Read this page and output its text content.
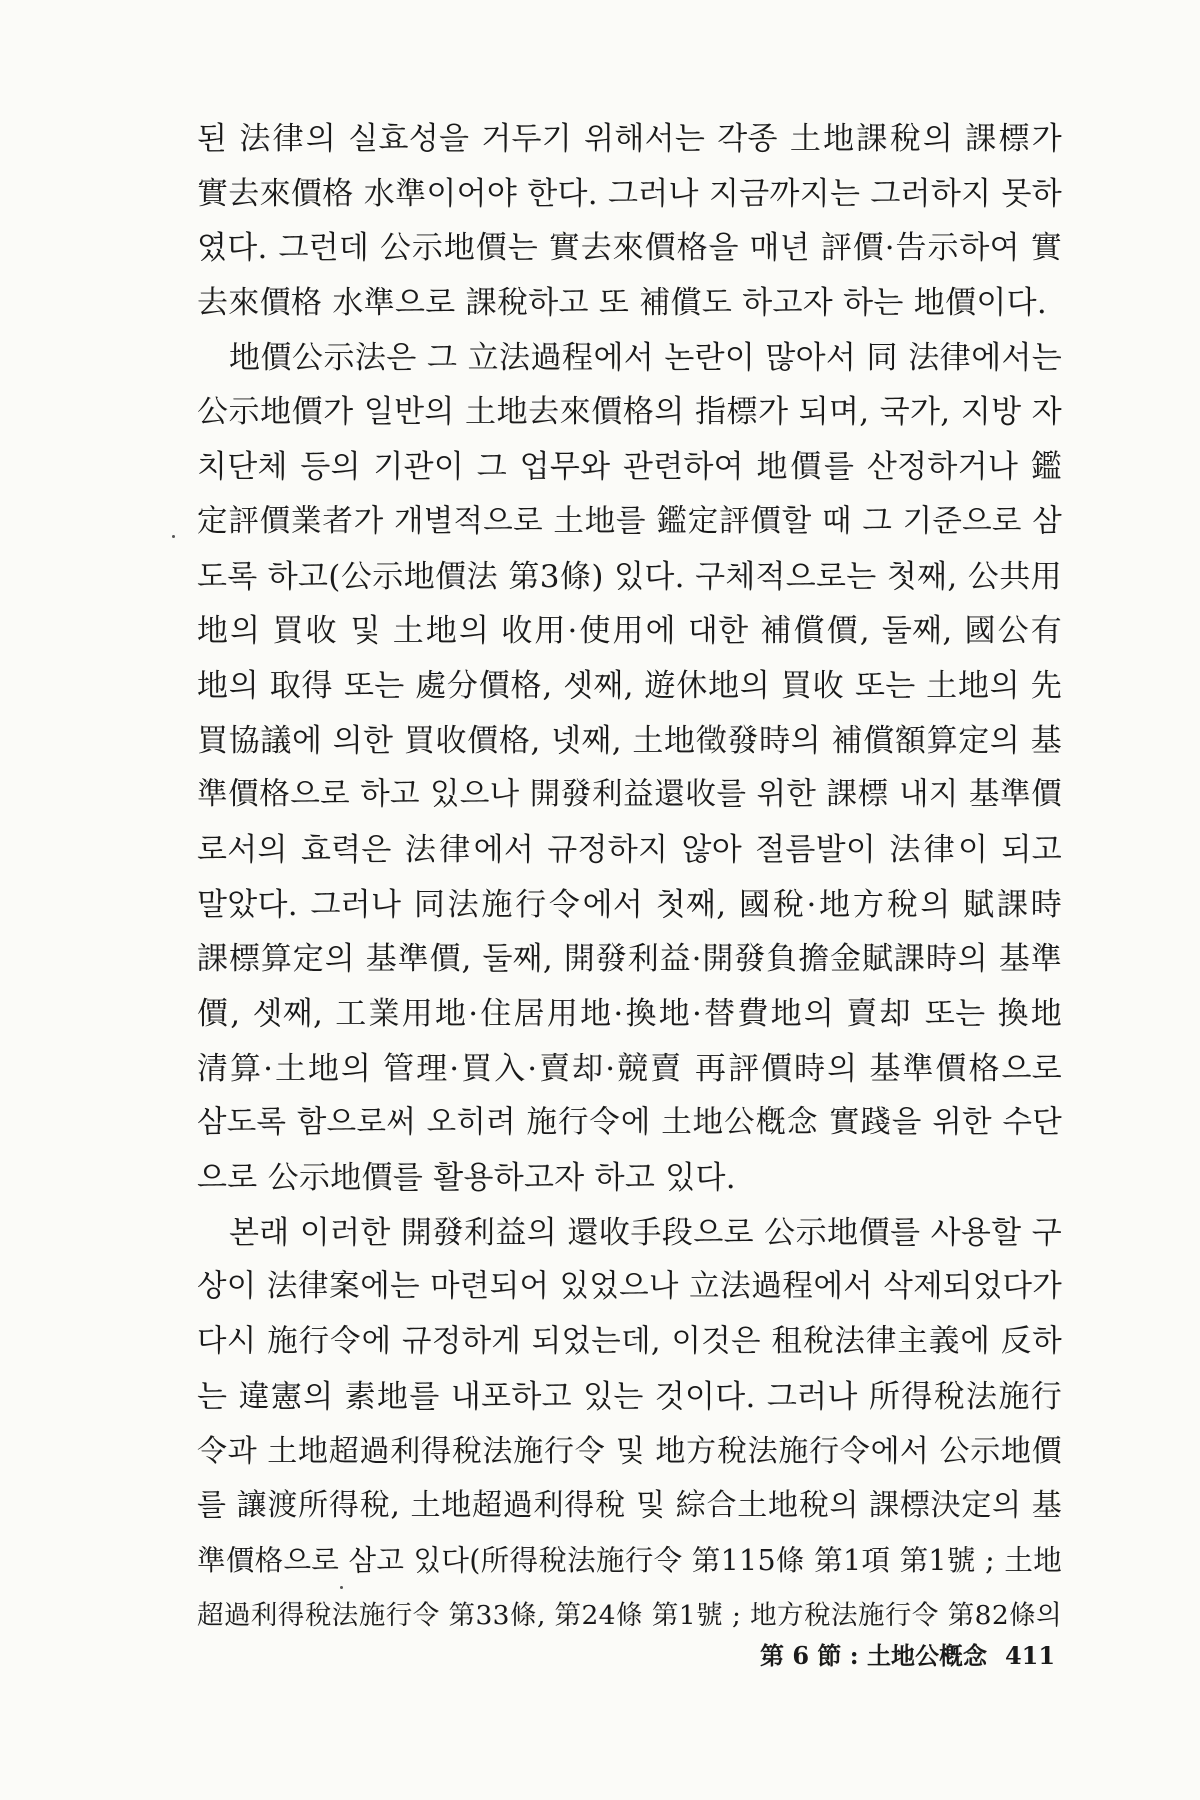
된 法律의 실효성을 거두기 위해서는 각종 土地課稅의 課標가
實去來價格 水準이어야 한다. 그러나 지금까지는 그러하지 못하
였다. 그런데 公示地價는 實去來價格을 매년 評價·告示하여 實
去來價格 水準으로 課稅하고 또 補償도 하고자 하는 地價이다.
地價公示法은 그 立法過程에서 논란이 많아서 同 法律에서는
公示地價가 일반의 土地去來價格의 指標가 되며, 국가, 지방 자
치단체 등의 기관이 그 업무와 관련하여 地價를 산정하거나 鑑
定評價業者가 개별적으로 土地를 鑑定評價할 때 그 기준으로 삼
도록 하고(公示地價法 第3條) 있다. 구체적으로는 첫째, 公共用
地의 買收 및 土地의 收用·使用에 대한 補償價, 둘째, 國公有
地의 取得 또는 處分價格, 셋째, 遊休地의 買收 또는 土地의 先
買協議에 의한 買收價格, 넷째, 土地徵發時의 補償額算定의 基
準價格으로 하고 있으나 開發利益還收를 위한 課標 내지 基準價
로서의 효력은 法律에서 규정하지 않아 절름발이 法律이 되고
말았다. 그러나 同法施行令에서 첫째, 國稅·地方稅의 賦課時
課標算定의 基準價, 둘째, 開發利益·開發負擔金賦課時의 基準
價, 셋째, 工業用地·住居用地·換地·替費地의 賣却 또는 換地
清算·土地의 管理·買入·賣却·競賣 再評價時의 基準價格으로
삼도록 함으로써 오히려 施行令에 土地公槪念 實踐을 위한 수단
으로 公示地價를 활용하고자 하고 있다.
본래 이러한 開發利益의 還收手段으로 公示地價를 사용할 구
상이 法律案에는 마련되어 있었으나 立法過程에서 삭제되었다가
다시 施行令에 규정하게 되었는데, 이것은 租稅法律主義에 反하
는 違憲의 素地를 내포하고 있는 것이다. 그러나 所得稅法施行
令과 土地超過利得稅法施行令 및 地方稅法施行令에서 公示地價
를 讓渡所得稅, 土地超過利得稅 및 綜合土地稅의 課標決定의 基
準價格으로 삼고 있다(所得稅法施行令 第115條 第1項 第1號 ; 土地
超過利得稅法施行令 第33條, 第24條 第1號 ; 地方稅法施行令 第82條의
第 6 節 : 土地公槪念 411
